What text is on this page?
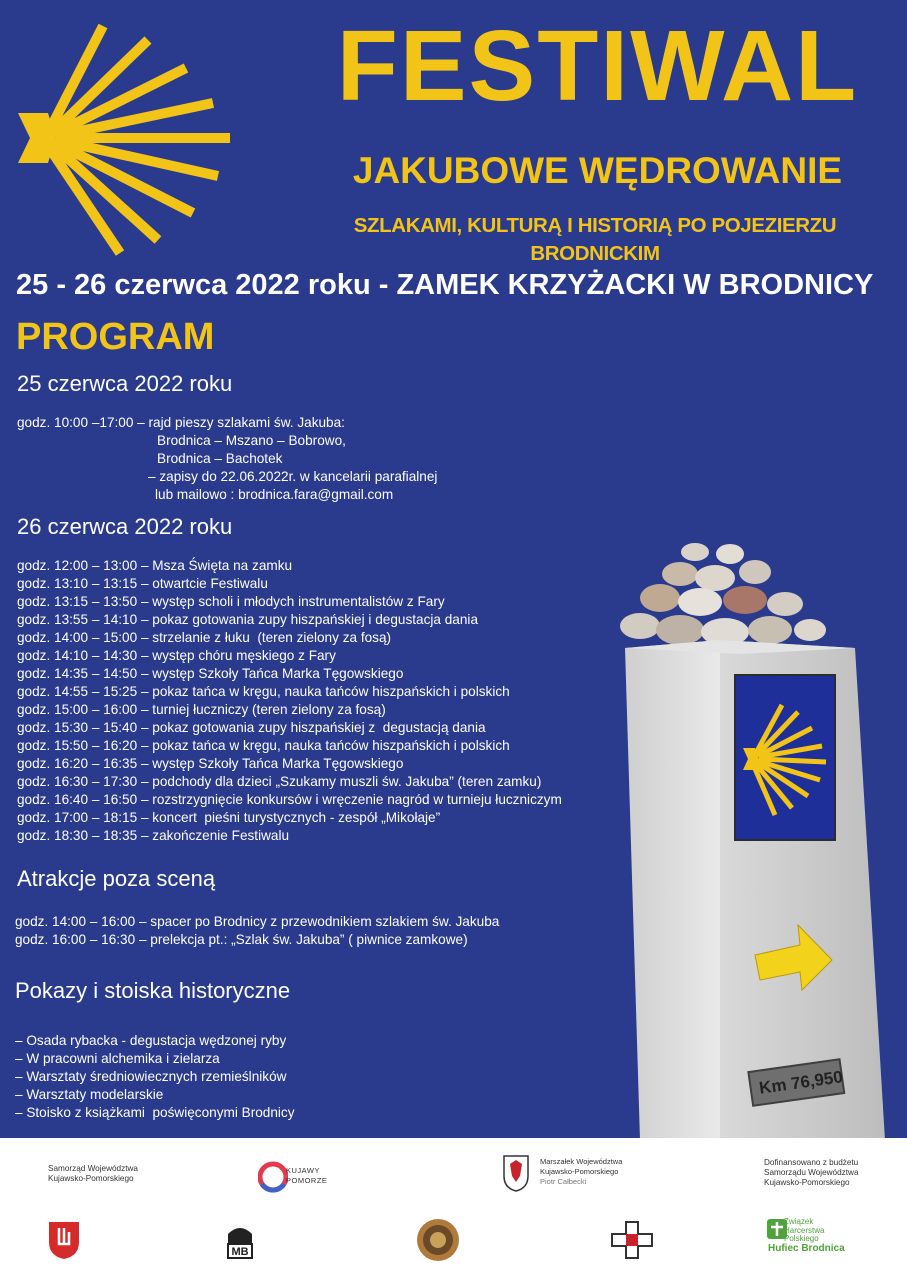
FESTIWAL
JAKUBOWE WĘDROWANIE
SZLAKAMI, KULTURĄ I HISTORIĄ PO POJEZIERZU BRODNICKIM
25 - 26 czerwca 2022 roku - ZAMEK KRZYŻACKI W BRODNICY
PROGRAM
25 czerwca 2022 roku
godz. 10:00 –17:00 – rajd pieszy szlakami św. Jakuba:
Brodnica – Mszano – Bobrowo,
Brodnica – Bachotek
– zapisy do 22.06.2022r. w kancelarii parafialnej
lub mailowo : brodnica.fara@gmail.com
26 czerwca 2022 roku
godz. 12:00 – 13:00 – Msza Święta na zamku
godz. 13:10 – 13:15 – otwartcie Festiwalu
godz. 13:15 – 13:50 – występ scholi i młodych instrumentalistów z Fary
godz. 13:55 – 14:10 – pokaz gotowania zupy hiszpańskiej i degustacja dania
godz. 14:00 – 15:00 – strzelanie z łuku  (teren zielony za fosą)
godz. 14:10 – 14:30 – występ chóru męskiego z Fary
godz. 14:35 – 14:50 – występ Szkoły Tańca Marka Tęgowskiego
godz. 14:55 – 15:25 – pokaz tańca w kręgu, nauka tańców hiszpańskich i polskich
godz. 15:00 – 16:00 – turniej łuczniczy (teren zielony za fosą)
godz. 15:30 – 15:40 – pokaz gotowania zupy hiszpańskiej z  degustacją dania
godz. 15:50 – 16:20 – pokaz tańca w kręgu, nauka tańców hiszpańskich i polskich
godz. 16:20 – 16:35 – występ Szkoły Tańca Marka Tęgowskiego
godz. 16:30 – 17:30 – podchody dla dzieci „Szukamy muszli św. Jakuba” (teren zamku)
godz. 16:40 – 16:50 – rozstrzygnięcie konkursów i wręczenie nagród w turnieju łuczniczym
godz. 17:00 – 18:15 – koncert  pieśni turystycznych - zespół „Mikołaje”
godz. 18:30 – 18:35 – zakończenie Festiwalu
Atrakcje poza sceną
godz. 14:00 – 16:00 – spacer po Brodnicy z przewodnikiem szlakiem św. Jakuba
godz. 16:00 – 16:30 – prelekcja pt.: „Szlak św. Jakuba” ( piwnice zamkowe)
Pokazy i stoiska historyczne
– Osada rybacka - degustacja wędzonej ryby
– W pracowni alchemika i zielarza
– Warsztaty średniowiecznych rzemieślników
– Warsztaty modelarskie
– Stoisko z książkami  poświęconymi Brodnicy
Km 76,950
Samorząd Województwa
Kujawsko-Pomorskiego
KUJAWY
POMORZE
Marszałek Województwa
Kujawsko-Pomorskiego
Piotr Całbecki
Dofinansowano z budżetu
Samorządu Województwa
Kujawsko-Pomorskiego
MB
Związek
Harcerstwa
Polskiego
Hufiec Brodnica
